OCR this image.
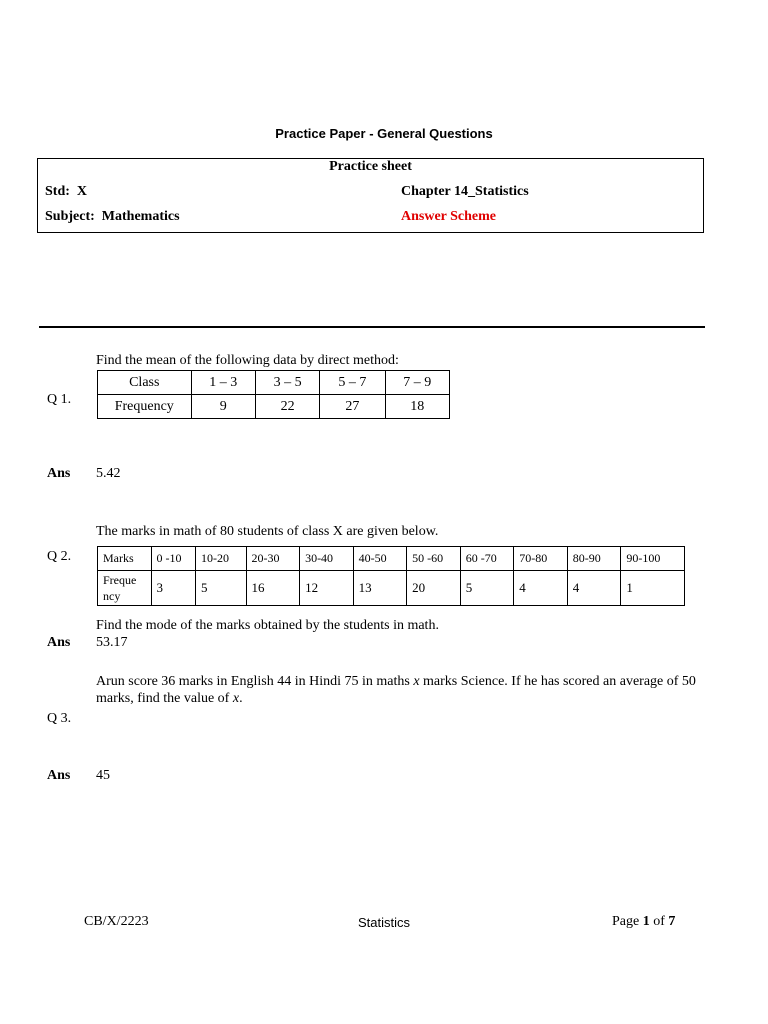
Practice Paper - General Questions
Practice sheet
Std: X	Chapter 14_Statistics
Subject: Mathematics	Answer Scheme
Find the mean of the following data by direct method:
Q 1.
Class	1 – 3	3 – 5	5 – 7	7 – 9
Frequency	9	22	27	18
Ans 5.42
The marks in math of 80 students of class X are given below.
Q 2.	Marks	0 -10	10-20	20-30	30-40	40-50	50 -60	60 -70	70-80	80-90	90-100
Freque ncy	3	5	16	12	13	20	5	4	4	1
Find the mode of the marks obtained by the students in math.
Ans 53.17
Arun score 36 marks in English 44 in Hindi 75 in maths x marks Science. If he has scored an average of 50 marks, find the value of x.
Q 3.
Ans 45
CB/X/2223	Statistics	Page 1 of 7
